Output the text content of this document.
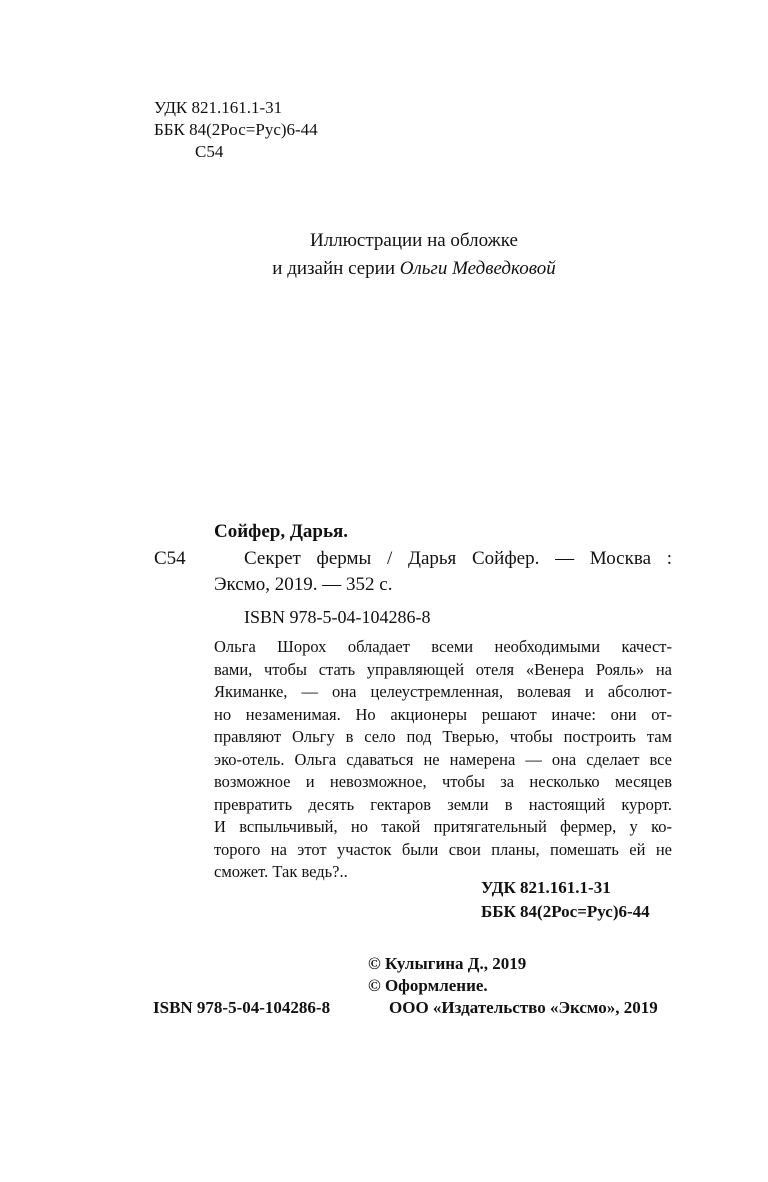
УДК 821.161.1-31
ББК 84(2Рос=Рус)6-44
С54
Иллюстрации на обложке
и дизайн серии Ольги Медведковой
Сойфер, Дарья.
С54	Секрет фермы / Дарья Сойфер. — Москва :
Эксмо, 2019. — 352 с.
ISBN 978-5-04-104286-8
Ольга Шорох обладает всеми необходимыми качест-
вами, чтобы стать управляющей отеля «Венера Рояль» на
Якиманке, — она целеустремленная, волевая и абсолют-
но незаменимая. Но акционеры решают иначе: они от-
правляют Ольгу в село под Тверью, чтобы построить там
эко-отель. Ольга сдаваться не намерена — она сделает все
возможное и невозможное, чтобы за несколько месяцев
превратить десять гектаров земли в настоящий курорт.
И вспыльчивый, но такой притягательный фермер, у ко-
торого на этот участок были свои планы, помешать ей не
сможет. Так ведь?..
УДК 821.161.1-31
ББК 84(2Рос=Рус)6-44
© Кулыгина Д., 2019
© Оформление.
ООО «Издательство «Эксмо», 2019
ISBN 978-5-04-104286-8
